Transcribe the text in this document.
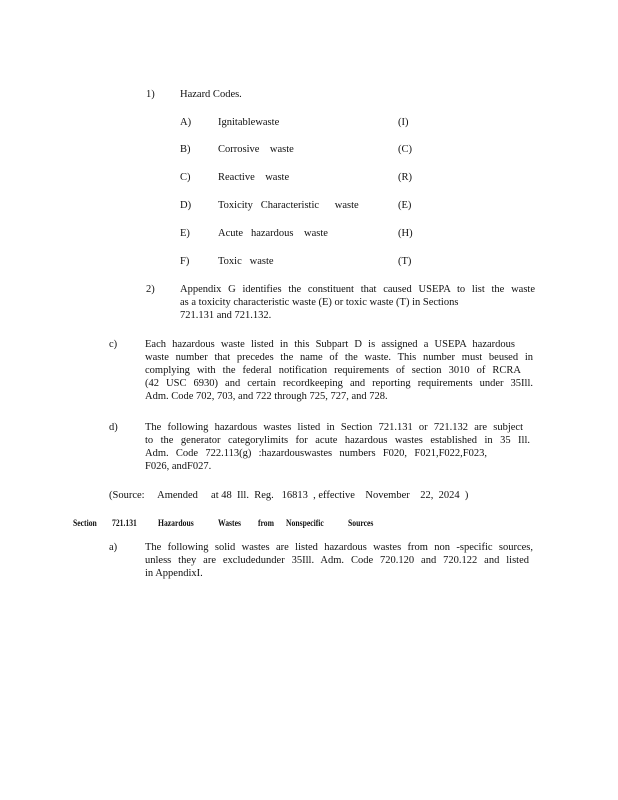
1) Hazard Codes.
A)	Ignitablewaste	(I)
B)	Corrosive    waste	(C)
C)	Reactive    waste	(R)
D)	Toxicity   Characteristic      waste	(E)
E)	Acute   hazardous    waste	(H)
F)	Toxic   waste	(T)
2) Appendix G identifies the constituent that caused USEPA to list the waste
as a toxicity characteristic waste (E) or toxic waste (T) in Sections
721.131 and 721.132.
c)	Each hazardous waste listed in this Subpart D is assigned a USEPA hazardous
waste number that precedes the name of the waste. This number must beused in
complying with the federal notification requirements of section 3010 of RCRA
(42 USC 6930) and certain recordkeeping and reporting requirements under 35Ill.
Adm. Code 702, 703, and 722 through 725, 727, and 728.
d)	The following hazardous wastes listed in Section 721.131 or 721.132 are subject
to the generator categorylimits for acute hazardous wastes established in 35 Ill.
Adm. Code 722.113(g) :hazardouswastes numbers F020, F021,F022,F023,
F026, andF027.
(Source:     Amended     at 48  Ill.  Reg.   16813  , effective    November    22,  2024  )
Section 721.131 Hazardous	Wastes from Nonspecific	Sources
a)	The following solid wastes are listed hazardous wastes from non -specific sources,
unless they are excludedunder 35Ill. Adm. Code 720.120 and 720.122 and listed
in AppendixI.
